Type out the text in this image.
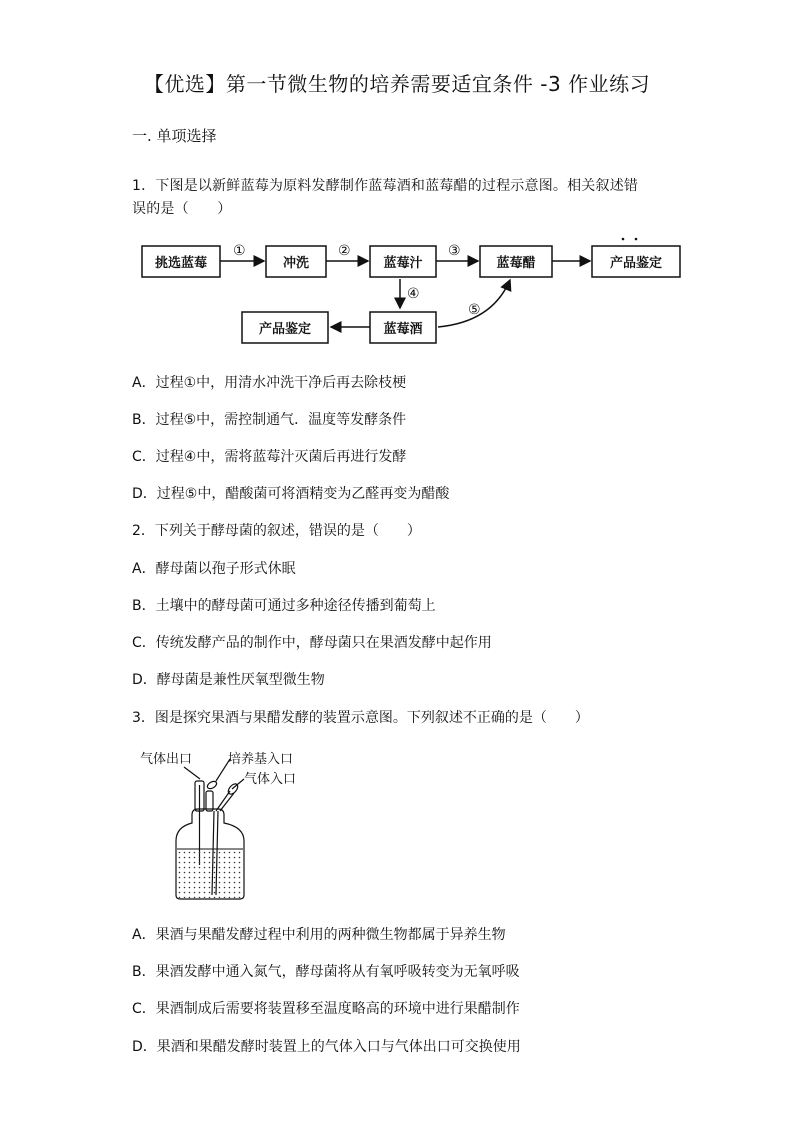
【优选】第一节微生物的培养需要适宜条件 -3 作业练习
一. 单项选择
1．下图是以新鲜蓝莓为原料发酵制作蓝莓酒和蓝莓醋的过程示意图。相关叙述错
误的是（　　）
挑选蓝莓	冲洗	蓝莓汁	蓝莓醋	产品鉴定
蓝莓酒
产品鉴定
①	②	③
④
⑤
A．过程①中，用清水冲洗干净后再去除枝梗
B．过程⑤中，需控制通气．温度等发酵条件
C．过程④中，需将蓝莓汁灭菌后再进行发酵
D．过程⑤中，醋酸菌可将酒精变为乙醛再变为醋酸
2．下列关于酵母菌的叙述，错误的是（　　）
A．酵母菌以孢子形式休眠
B．土壤中的酵母菌可通过多种途径传播到葡萄上
C．传统发酵产品的制作中，酵母菌只在果酒发酵中起作用
D．酵母菌是兼性厌氧型微生物
3．图是探究果酒与果醋发酵的装置示意图。下列叙述不正确的是（　　）
气体出口	培养基入口
气体入口
A．果酒与果醋发酵过程中利用的两种微生物都属于异养生物
B．果酒发酵中通入氮气，酵母菌将从有氧呼吸转变为无氧呼吸
C．果酒制成后需要将装置移至温度略高的环境中进行果醋制作
D．果酒和果醋发酵时装置上的气体入口与气体出口可交换使用
